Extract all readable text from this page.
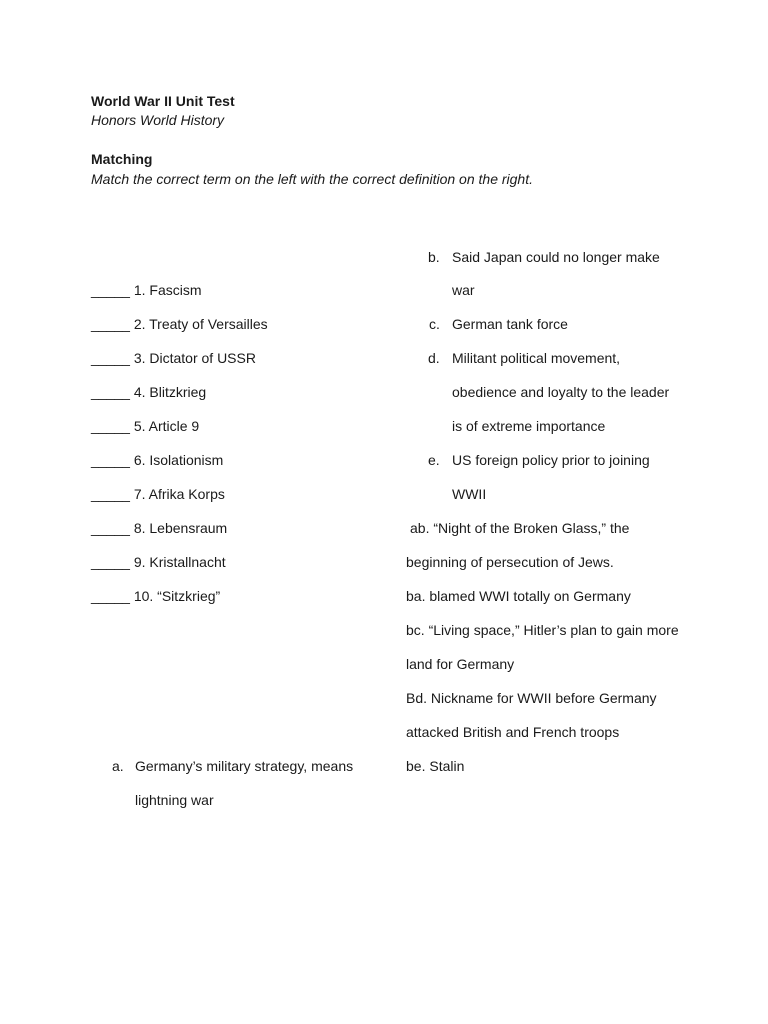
World War II Unit Test
Honors World History
Matching
Match the correct term on the left with the correct definition on the right.
_____ 1. Fascism
_____ 2. Treaty of Versailles
_____ 3. Dictator of USSR
_____ 4. Blitzkrieg
_____ 5. Article 9
_____ 6. Isolationism
_____ 7. Afrika Korps
_____ 8. Lebensraum
_____ 9. Kristallnacht
_____ 10. “Sitzkrieg”
b. Said Japan could no longer make
war
c. German tank force
d. Militant political movement,
obedience and loyalty to the leader
is of extreme importance
e. US foreign policy prior to joining
WWII
ab. “Night of the Broken Glass,” the
beginning of persecution of Jews.
ba. blamed WWI totally on Germany
bc. “Living space,” Hitler’s plan to gain more
land for Germany
Bd. Nickname for WWII before Germany
attacked British and French troops
be. Stalin
a. Germany’s military strategy, means
lightning war
